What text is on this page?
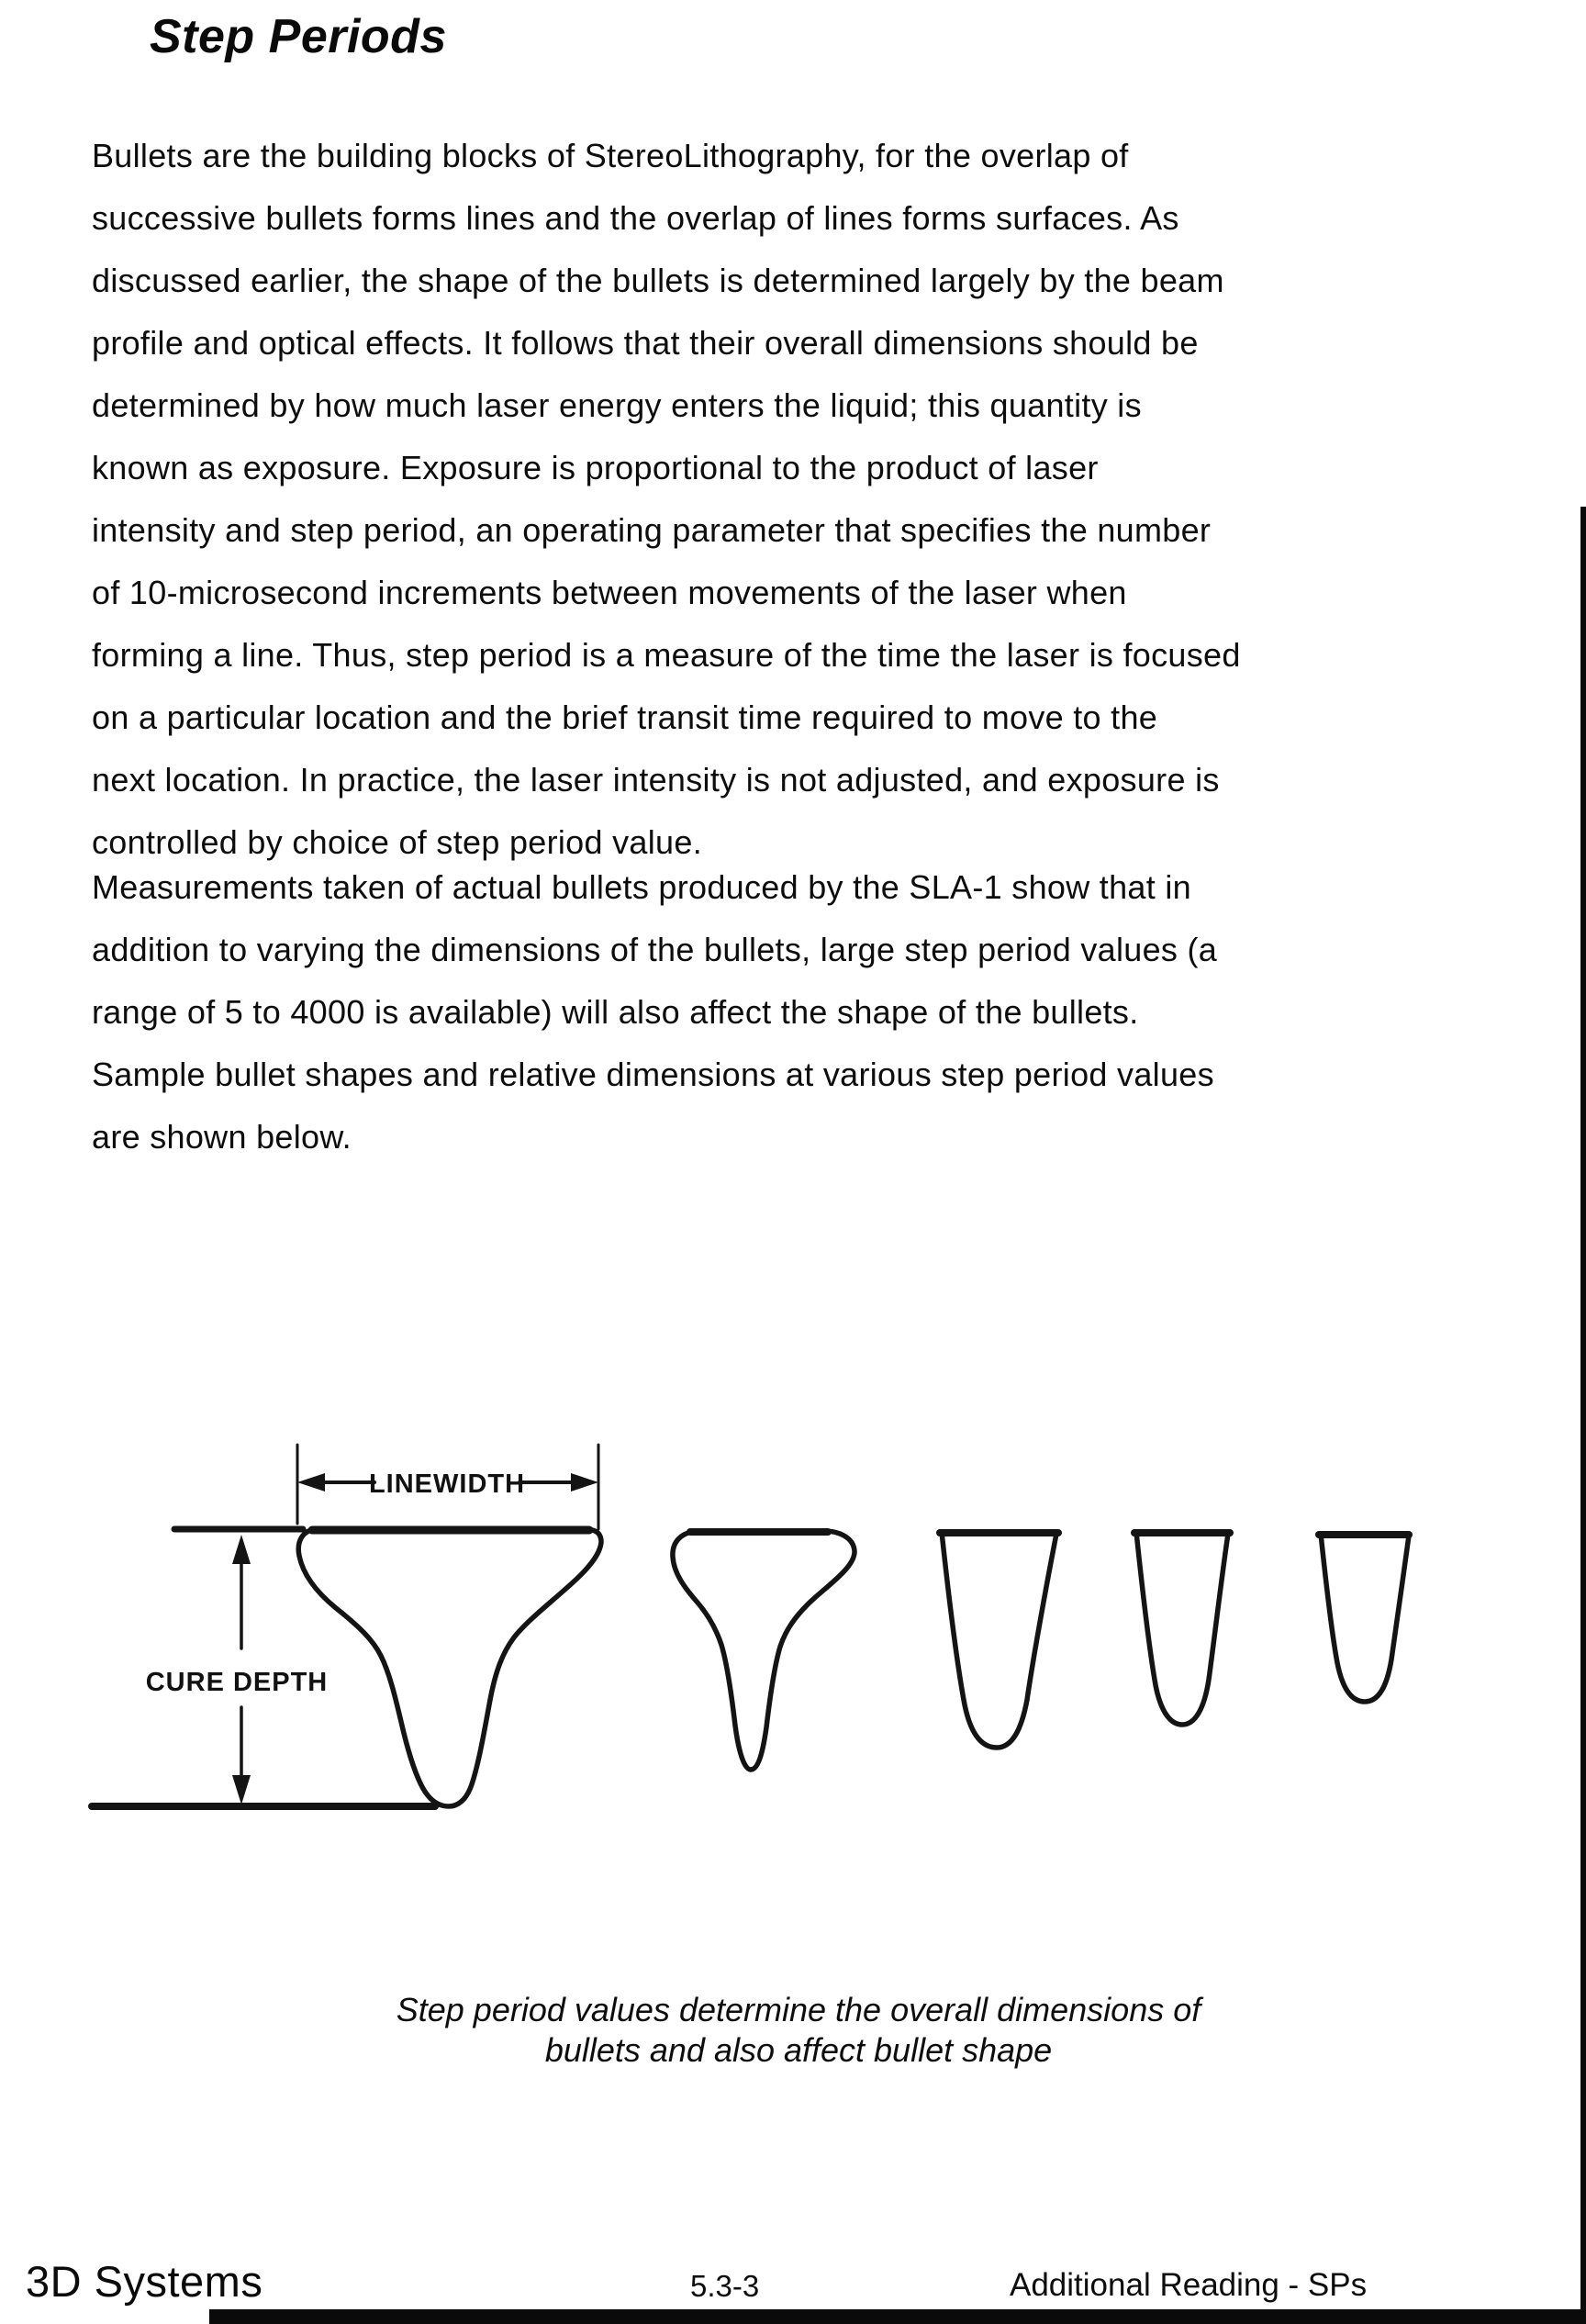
Step Periods
Bullets are the building blocks of StereoLithography, for the overlap of
successive bullets forms lines and the overlap of lines forms surfaces. As
discussed earlier, the shape of the bullets is determined largely by the beam
profile and optical effects. It follows that their overall dimensions should be
determined by how much laser energy enters the liquid; this quantity is
known as exposure. Exposure is proportional to the product of laser
intensity and step period, an operating parameter that specifies the number
of 10-microsecond increments between movements of the laser when
forming a line. Thus, step period is a measure of the time the laser is focused
on a particular location and the brief transit time required to move to the
next location. In practice, the laser intensity is not adjusted, and exposure is
controlled by choice of step period value.
Measurements taken of actual bullets produced by the SLA-1 show that in
addition to varying the dimensions of the bullets, large step period values (a
range of 5 to 4000 is available) will also affect the shape of the bullets.
Sample bullet shapes and relative dimensions at various step period values
are shown below.
LINEWIDTH
CURE DEPTH
Step period values determine the overall dimensions of
bullets and also affect bullet shape
3D Systems	5.3-3	Additional Reading - SPs
